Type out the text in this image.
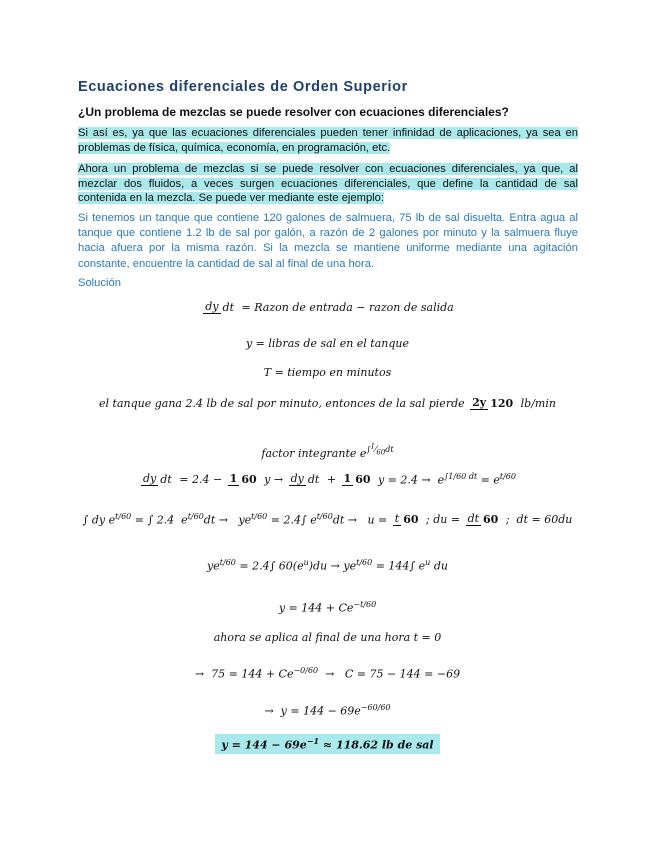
Ecuaciones diferenciales de Orden Superior
¿Un problema de mezclas se puede resolver con ecuaciones diferenciales?
Si así es, ya que las ecuaciones diferenciales pueden tener infinidad de aplicaciones, ya sea en problemas de física, química, economía, en programación, etc.
Ahora un problema de mezclas si se puede resolver con ecuaciones diferenciales, ya que, al mezclar dos fluidos, a veces surgen ecuaciones diferenciales, que define la cantidad de sal contenida en la mezcla. Se puede ver mediante este ejemplo:
Si tenemos un tanque que contiene 120 galones de salmuera, 75 lb de sal disuelta. Entra agua al tanque que contiene 1.2 lb de sal por galón, a razón de 2 galones por minuto y la salmuera fluye hacia afuera por la misma razón. Si la mezcla se mantiene uniforme mediante una agitación constante, encuentre la cantidad de sal al final de una hora.
Solución
dy dt = Razon de entrada − razon de salida
y = libras de sal en el tanque
T = tiempo en minutos
el tanque gana 2.4 lb de sal por minuto, entonces de la sal pierde 2y 120 lb/min
factor integrante $e^{\int^1⁄_{60}dt}$
dy dt = 2.4 − 1 60 y → dy dt + 1 60 $y = 2.4 \to e^{\int 1/60 dt} = e^{t/60}$
∫ dy $e^{t/60}$ = ∫ 2.4  $e^{t/60}dt \to ye^{t/60} = 2.4\int$ $e^{t/60}dt \to u = t$ 60 ; du = dt 60 ;  dt = 60du
$ye^{t/60} = 2.4\int$ $60(e^u)du \to ye^{t/60} = 144\int$ $e^u$ du
$y = 144 + Ce^{-t/60}$
ahora se aplica al final de una hora t = 0
→  $75 = 144 + Ce^{-0/60} \to C = 75 - 144 = -69$
→  $y = 144 - 69e^{-60/60}$
$y = 144 - 69e^{-1} \approx 118.62$ lb de sal
